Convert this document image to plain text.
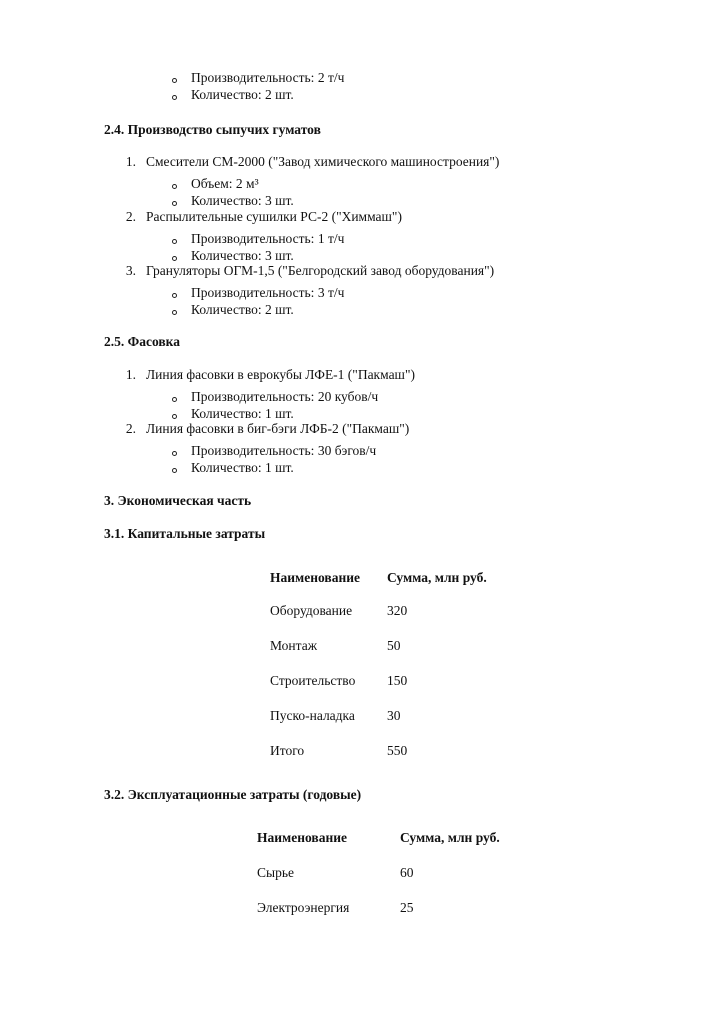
Производительность: 2 т/ч
Количество: 2 шт.
2.4. Производство сыпучих гуматов
1. Смесители СМ-2000 ("Завод химического машиностроения")
Объем: 2 м³
Количество: 3 шт.
2. Распылительные сушилки РС-2 ("Химмаш")
Производительность: 1 т/ч
Количество: 3 шт.
3. Грануляторы ОГМ-1,5 ("Белгородский завод оборудования")
Производительность: 3 т/ч
Количество: 2 шт.
2.5. Фасовка
1. Линия фасовки в еврокубы ЛФЕ-1 ("Пакмаш")
Производительность: 20 кубов/ч
Количество: 1 шт.
2. Линия фасовки в биг-бэги ЛФБ-2 ("Пакмаш")
Производительность: 30 бэгов/ч
Количество: 1 шт.
3. Экономическая часть
3.1. Капитальные затраты
Наименование Сумма, млн руб.
Оборудование	320
Монтаж	50
Строительство 150
Пуско-наладка 30
Итого	550
3.2. Эксплуатационные затраты (годовые)
Наименование	Сумма, млн руб.
Сырье	60
Электроэнергия	25
